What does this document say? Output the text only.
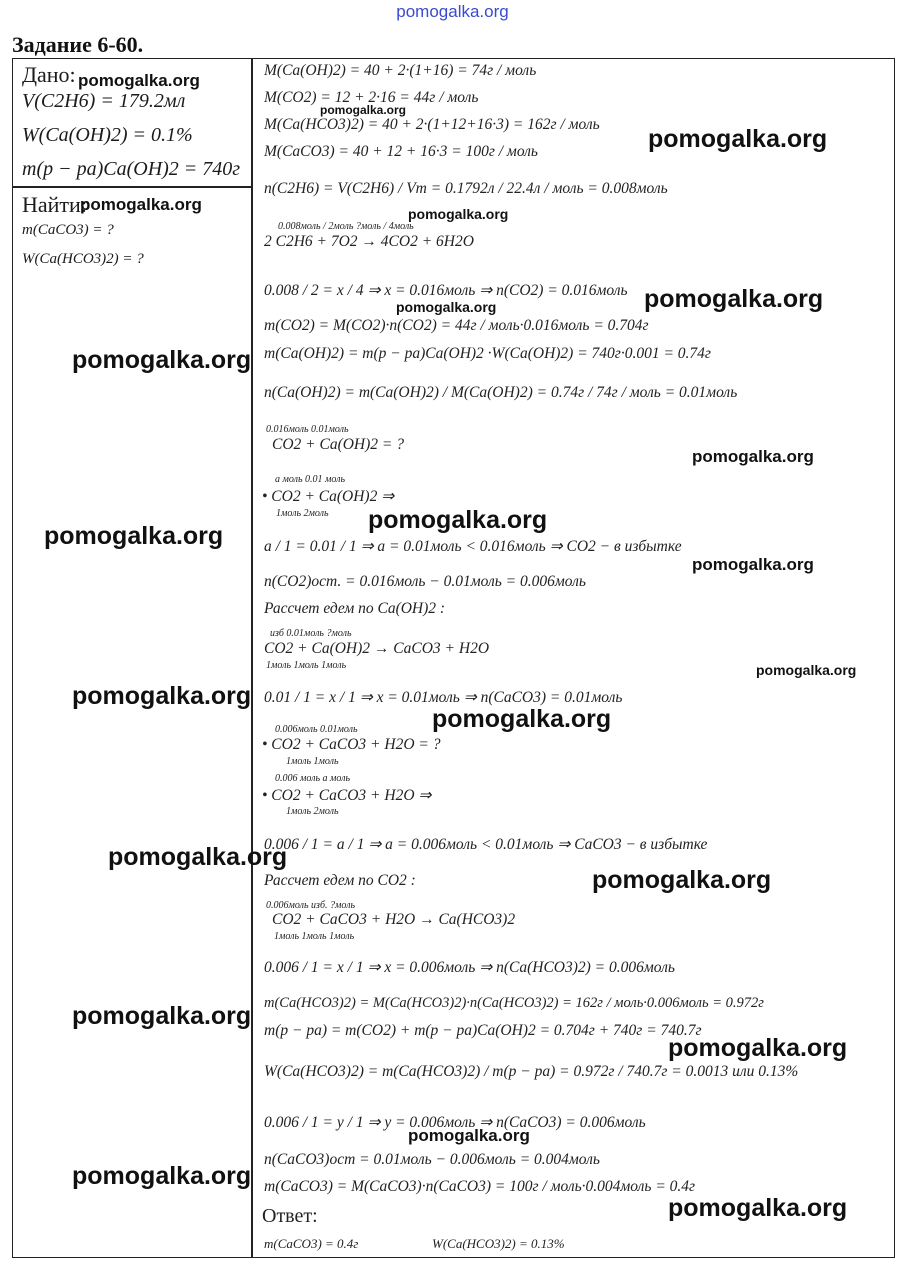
pomogalka.org
Задание 6-60.
Дано:
V(C2H6) = 179.2мл
W(Ca(OH)2) = 0.1%
m(p − pa)Ca(OH)2 = 740г
Найти:
m(CaCO3) = ?
W(Ca(HCO3)2) = ?
M(Ca(OH)2) = 40 + 2·(1+16) = 74г / моль
M(CO2) = 12 + 2·16 = 44г / моль
M(Ca(HCO3)2) = 40 + 2·(1+12+16·3) = 162г / моль
M(CaCO3) = 40 + 12 + 16·3 = 100г / моль
n(C2H6) = V(C2H6) / Vm = 0.1792л / 22.4л / моль = 0.008моль
0.008моль / 2моль ?моль / 4моль
2 C2H6 + 7O2 → 4CO2 + 6H2O
0.008 / 2 = x / 4 ⇒ x = 0.016моль ⇒ n(CO2) = 0.016моль
m(CO2) = M(CO2)·n(CO2) = 44г / моль·0.016моль = 0.704г
m(Ca(OH)2) = m(p − pa)Ca(OH)2 ·W(Ca(OH)2) = 740г·0.001 = 0.74г
n(Ca(OH)2) = m(Ca(OH)2) / M(Ca(OH)2) = 0.74г / 74г / моль = 0.01моль
0.016моль 0.01моль
CO2 + Ca(OH)2 = ?
a моль 0.01 моль
• CO2 + Ca(OH)2 ⇒
1моль 2моль
a / 1 = 0.01 / 1 ⇒ a = 0.01моль < 0.016моль ⇒ CO2 − в избытке
n(CO2)ост. = 0.016моль − 0.01моль = 0.006моль
Рассчет едем по Ca(OH)2 :
изб 0.01моль ?моль
CO2 + Ca(OH)2 → CaCO3 + H2O
1моль 1моль 1моль
0.01 / 1 = x / 1 ⇒ x = 0.01моль ⇒ n(CaCO3) = 0.01моль
0.006моль 0.01моль
• CO2 + CaCO3 + H2O = ?
1моль 1моль
0.006 моль a моль
• CO2 + CaCO3 + H2O ⇒
1моль 2моль
0.006 / 1 = a / 1 ⇒ a = 0.006моль < 0.01моль ⇒ CaCO3 − в избытке
Рассчет едем по CO2 :
0.006моль изб. ?моль
CO2 + CaCO3 + H2O → Ca(HCO3)2
1моль 1моль 1моль
0.006 / 1 = x / 1 ⇒ x = 0.006моль ⇒ n(Ca(HCO3)2) = 0.006моль
m(Ca(HCO3)2) = M(Ca(HCO3)2)·n(Ca(HCO3)2) = 162г / моль·0.006моль = 0.972г
m(p − pa) = m(CO2) + m(p − pa)Ca(OH)2 = 0.704г + 740г = 740.7г
W(Ca(HCO3)2) = m(Ca(HCO3)2) / m(p − pa) = 0.972г / 740.7г = 0.0013 или 0.13%
0.006 / 1 = y / 1 ⇒ y = 0.006моль ⇒ n(CaCO3) = 0.006моль
n(CaCO3)ост = 0.01моль − 0.006моль = 0.004моль
m(CaCO3) = M(CaCO3)·n(CaCO3) = 100г / моль·0.004моль = 0.4г
Ответ:
m(CaCO3) = 0.4г	W(Ca(HCO3)2) = 0.13%
pomogalka.org
pomogalka.org
pomogalka.org
pomogalka.org	pomogalka.org
pomogalka.org
pomogalka.org
pomogalka.org
pomogalka.org
pomogalka.org
pomogalka.org
pomogalka.org
pomogalka.org
pomogalka.org
pomogalka.org
pomogalka.org
pomogalka.org
pomogalka.org
pomogalka.org
pomogalka.org
pomogalka.org
pomogalka.org
